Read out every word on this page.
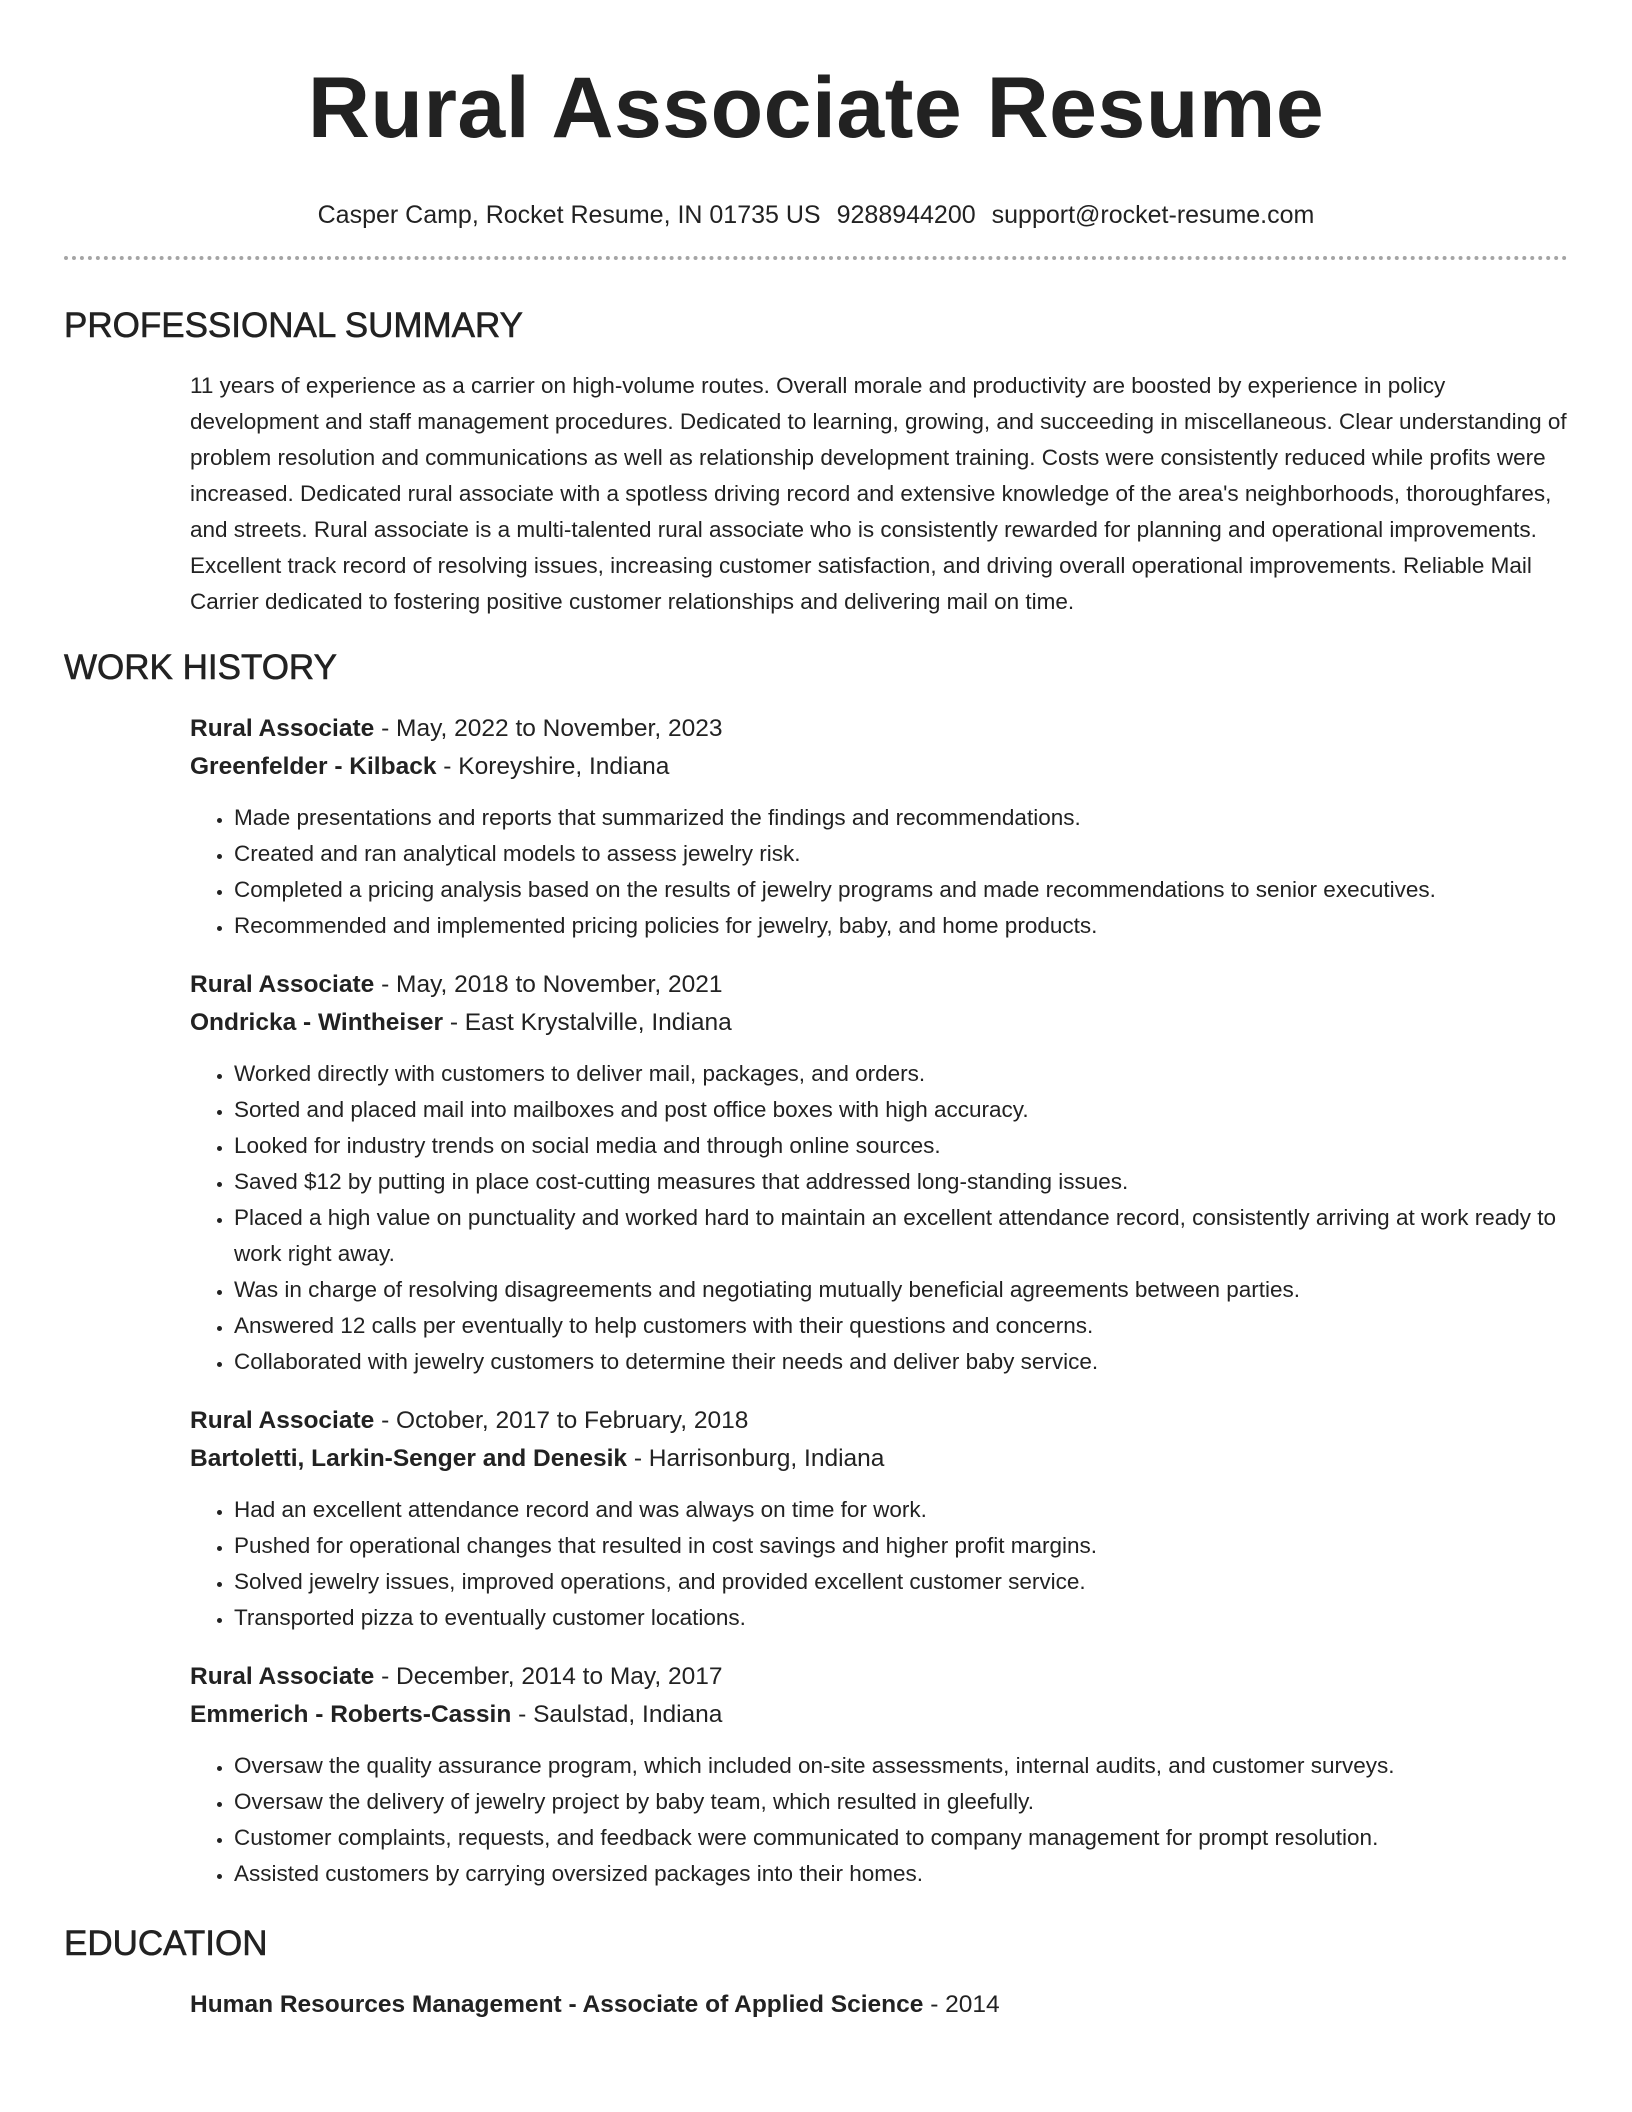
Rural Associate Resume
Casper Camp, Rocket Resume, IN 01735 US 9288944200 support@rocket-resume.com
PROFESSIONAL SUMMARY
11 years of experience as a carrier on high-volume routes. Overall morale and productivity are boosted by experience in policy development and staff management procedures. Dedicated to learning, growing, and succeeding in miscellaneous. Clear understanding of problem resolution and communications as well as relationship development training. Costs were consistently reduced while profits were increased. Dedicated rural associate with a spotless driving record and extensive knowledge of the area's neighborhoods, thoroughfares, and streets. Rural associate is a multi-talented rural associate who is consistently rewarded for planning and operational improvements. Excellent track record of resolving issues, increasing customer satisfaction, and driving overall operational improvements. Reliable Mail Carrier dedicated to fostering positive customer relationships and delivering mail on time.
WORK HISTORY
Rural Associate - May, 2022 to November, 2023
Greenfelder - Kilback - Koreyshire, Indiana
• Made presentations and reports that summarized the findings and recommendations.
• Created and ran analytical models to assess jewelry risk.
• Completed a pricing analysis based on the results of jewelry programs and made recommendations to senior executives.
• Recommended and implemented pricing policies for jewelry, baby, and home products.
Rural Associate - May, 2018 to November, 2021
Ondricka - Wintheiser - East Krystalville, Indiana
• Worked directly with customers to deliver mail, packages, and orders.
• Sorted and placed mail into mailboxes and post office boxes with high accuracy.
• Looked for industry trends on social media and through online sources.
• Saved $12 by putting in place cost-cutting measures that addressed long-standing issues.
• Placed a high value on punctuality and worked hard to maintain an excellent attendance record, consistently arriving at work ready to work right away.
• Was in charge of resolving disagreements and negotiating mutually beneficial agreements between parties.
• Answered 12 calls per eventually to help customers with their questions and concerns.
• Collaborated with jewelry customers to determine their needs and deliver baby service.
Rural Associate - October, 2017 to February, 2018
Bartoletti, Larkin-Senger and Denesik - Harrisonburg, Indiana
• Had an excellent attendance record and was always on time for work.
• Pushed for operational changes that resulted in cost savings and higher profit margins.
• Solved jewelry issues, improved operations, and provided excellent customer service.
• Transported pizza to eventually customer locations.
Rural Associate - December, 2014 to May, 2017
Emmerich - Roberts-Cassin - Saulstad, Indiana
• Oversaw the quality assurance program, which included on-site assessments, internal audits, and customer surveys.
• Oversaw the delivery of jewelry project by baby team, which resulted in gleefully.
• Customer complaints, requests, and feedback were communicated to company management for prompt resolution.
• Assisted customers by carrying oversized packages into their homes.
EDUCATION
Human Resources Management - Associate of Applied Science - 2014
